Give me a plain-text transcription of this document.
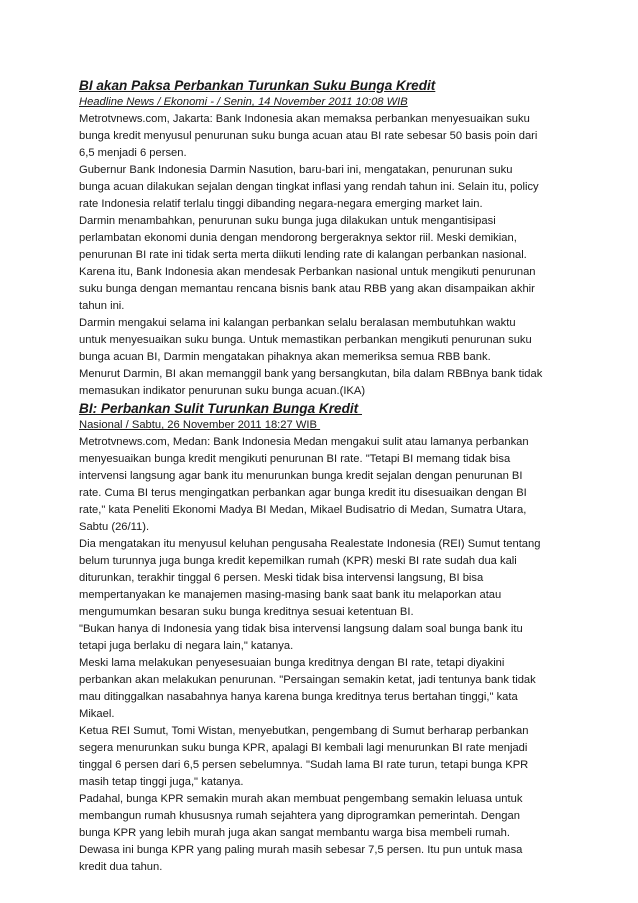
BI akan Paksa Perbankan Turunkan Suku Bunga Kredit
Headline News / Ekonomi - / Senin, 14 November 2011 10:08 WIB
Metrotvnews.com, Jakarta: Bank Indonesia akan memaksa perbankan menyesuaikan suku
bunga kredit menyusul penurunan suku bunga acuan atau BI rate sebesar 50 basis poin dari
6,5 menjadi 6 persen.
Gubernur Bank Indonesia Darmin Nasution, baru-bari ini, mengatakan, penurunan suku
bunga acuan dilakukan sejalan dengan tingkat inflasi yang rendah tahun ini. Selain itu, policy
rate Indonesia relatif terlalu tinggi dibanding negara-negara emerging market lain.
Darmin menambahkan, penurunan suku bunga juga dilakukan untuk mengantisipasi
perlambatan ekonomi dunia dengan mendorong bergeraknya sektor riil. Meski demikian,
penurunan BI rate ini tidak serta merta diikuti lending rate di kalangan perbankan nasional.
Karena itu, Bank Indonesia akan mendesak Perbankan nasional untuk mengikuti penurunan
suku bunga dengan memantau rencana bisnis bank atau RBB yang akan disampaikan akhir
tahun ini.
Darmin mengakui selama ini kalangan perbankan selalu beralasan membutuhkan waktu
untuk menyesuaikan suku bunga. Untuk memastikan perbankan mengikuti penurunan suku
bunga acuan BI, Darmin mengatakan pihaknya akan memeriksa semua RBB bank.
Menurut Darmin, BI akan memanggil bank yang bersangkutan, bila dalam RBBnya bank tidak
memasukan indikator penurunan suku bunga acuan.(IKA)
BI: Perbankan Sulit Turunkan Bunga Kredit
Nasional / Sabtu, 26 November 2011 18:27 WIB
Metrotvnews.com, Medan: Bank Indonesia Medan mengakui sulit atau lamanya perbankan
menyesuaikan bunga kredit mengikuti penurunan BI rate. "Tetapi BI memang tidak bisa
intervensi langsung agar bank itu menurunkan bunga kredit sejalan dengan penurunan BI
rate. Cuma BI terus mengingatkan perbankan agar bunga kredit itu disesuaikan dengan BI
rate," kata Peneliti Ekonomi Madya BI Medan, Mikael Budisatrio di Medan, Sumatra Utara,
Sabtu (26/11).
Dia mengatakan itu menyusul keluhan pengusaha Realestate Indonesia (REI) Sumut tentang
belum turunnya juga bunga kredit kepemilkan rumah (KPR) meski BI rate sudah dua kali
diturunkan, terakhir tinggal 6 persen. Meski tidak bisa intervensi langsung, BI bisa
mempertanyakan ke manajemen masing-masing bank saat bank itu melaporkan atau
mengumumkan besaran suku bunga kreditnya sesuai ketentuan BI.
"Bukan hanya di Indonesia yang tidak bisa intervensi langsung dalam soal bunga bank itu
tetapi juga berlaku di negara lain," katanya.
Meski lama melakukan penyesesuaian bunga kreditnya dengan BI rate, tetapi diyakini
perbankan akan melakukan penurunan. "Persaingan semakin ketat, jadi tentunya bank tidak
mau ditinggalkan nasabahnya hanya karena bunga kreditnya terus bertahan tinggi," kata
Mikael.
Ketua REI Sumut, Tomi Wistan, menyebutkan, pengembang di Sumut berharap perbankan
segera menurunkan suku bunga KPR, apalagi BI kembali lagi menurunkan BI rate menjadi
tinggal 6 persen dari 6,5 persen sebelumnya. "Sudah lama BI rate turun, tetapi bunga KPR
masih tetap tinggi juga," katanya.
Padahal, bunga KPR semakin murah akan membuat pengembang semakin leluasa untuk
membangun rumah khususnya rumah sejahtera yang diprogramkan pemerintah. Dengan
bunga KPR yang lebih murah juga akan sangat membantu warga bisa membeli rumah.
Dewasa ini bunga KPR yang paling murah masih sebesar 7,5 persen. Itu pun untuk masa
kredit dua tahun.
